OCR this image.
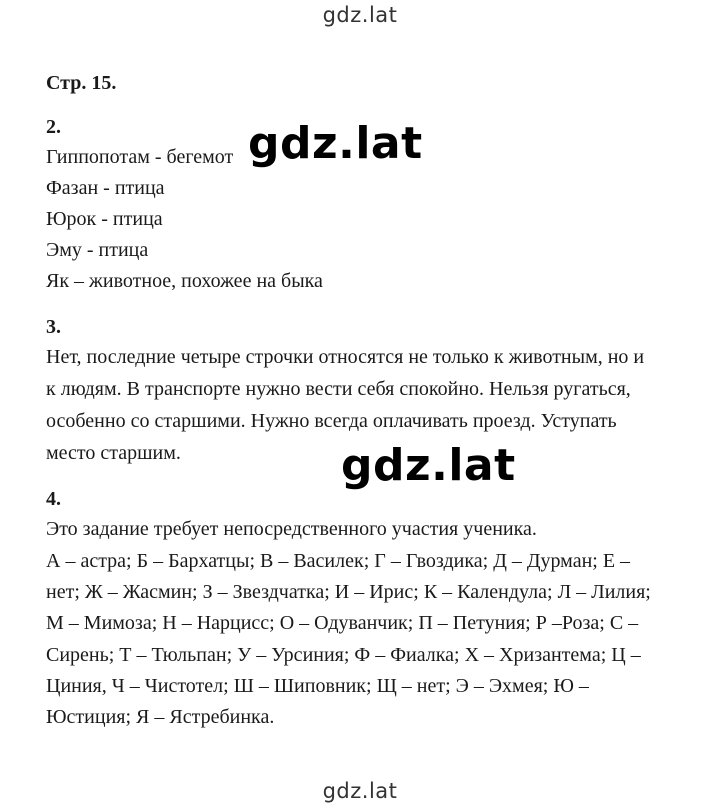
gdz.lat
Стр. 15.
2.
Гиппопотам - бегемот
Фазан - птица
Юрок - птица
Эму - птица
Як – животное, похожее на быка
3.
Нет, последние четыре строчки относятся не только к животным, но и
к людям. В транспорте нужно вести себя спокойно. Нельзя ругаться,
особенно со старшими. Нужно всегда оплачивать проезд. Уступать
место старшим.
4.
Это задание требует непосредственного участия ученика.
А – астра; Б – Бархатцы; В – Василек; Г – Гвоздика; Д – Дурман; Е –
нет; Ж – Жасмин; З – Звездчатка; И – Ирис; К – Календула; Л – Лилия;
М – Мимоза; Н – Нарцисс; О – Одуванчик; П – Петуния; Р –Роза; С –
Сирень; Т – Тюльпан; У – Урсиния; Ф – Фиалка; Х – Хризантема; Ц –
Циния, Ч – Чистотел; Ш – Шиповник; Щ – нет; Э – Эхмея; Ю –
Юстиция; Я – Ястребинка.
gdz.lat
gdz.lat
gdz.lat
